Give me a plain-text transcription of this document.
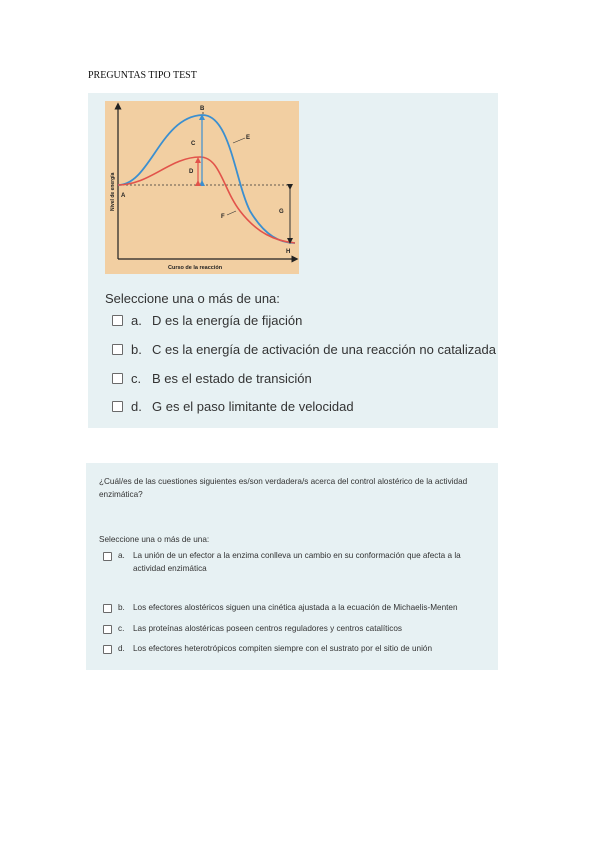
PREGUNTAS TIPO TEST
A
B
C
D
E
F
G
H
Nivel de energía
Curso de la reacción
Seleccione una o más de una:
a. D es la energía de fijación
b. C es la energía de activación de una reacción no catalizada
c. B es el estado de transición
d. G es el paso limitante de velocidad
¿Cuál/es de las cuestiones siguientes es/son verdadera/s acerca del control alostérico de la actividad enzimática?
Seleccione una o más de una:
a. La unión de un efector a la enzima conlleva un cambio en su conformación que afecta a la actividad enzimática
b. Los efectores alostéricos siguen una cinética ajustada a la ecuación de Michaelis-Menten
c.	Las proteínas alostéricas poseen centros reguladores y centros catalíticos
d. Los efectores heterotrópicos compiten siempre con el sustrato por el sitio de unión
